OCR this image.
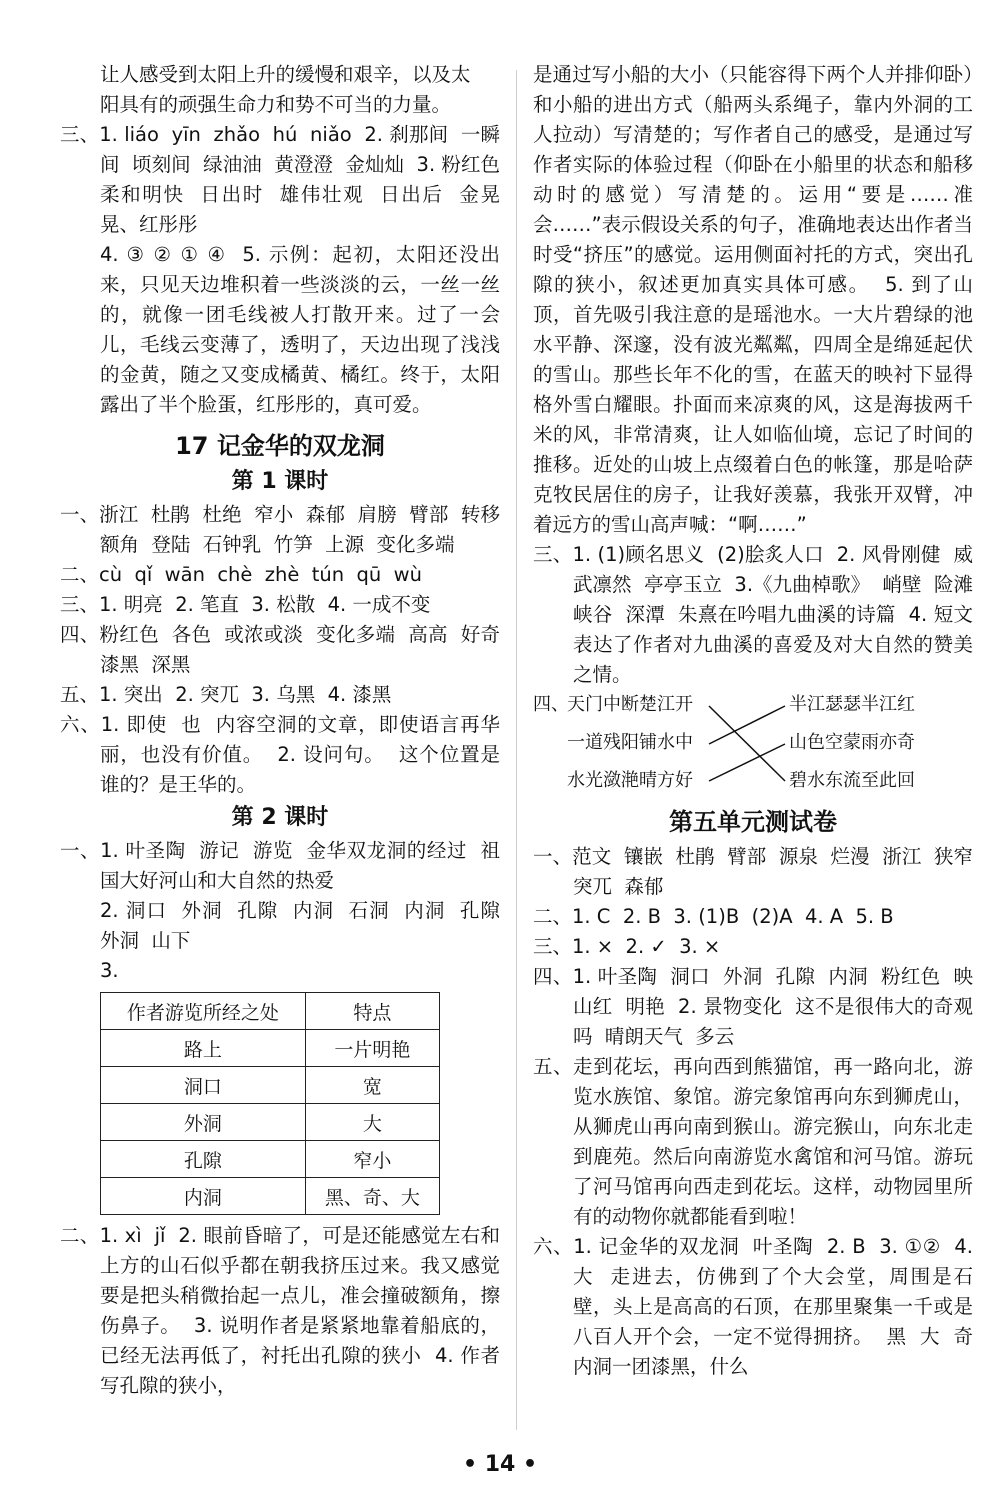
让人感受到太阳上升的缓慢和艰辛，以及太

阳具有的顽强生命力和势不可当的力量。

三、1. liáo  yīn  zhǎo  hú  niǎo  2. 刹那间  一瞬间  顷刻间  绿油油  黄澄澄  金灿灿  3. 粉红色  柔和明快  日出时  雄伟壮观  日出后  金晃晃、红彤彤

4. ③ ② ① ④  5. 示例：起初，太阳还没出来，只见天边堆积着一些淡淡的云，一丝一丝的，就像一团毛线被人打散开来。过了一会儿，毛线云变薄了，透明了，天边出现了浅浅的金黄，随之又变成橘黄、橘红。终于，太阳露出了半个脸蛋，红彤彤的，真可爱。

17 记金华的双龙洞
第 1 课时

一、浙江  杜鹃  杜绝  窄小  森郁  肩膀  臂部  转移  额角  登陆  石钟乳  竹笋  上源  变化多端

二、cù  qǐ  wān  chè  zhè  tún  qū  wù

三、1. 明亮  2. 笔直  3. 松散  4. 一成不变

四、粉红色  各色  或浓或淡  变化多端  高高  好奇  漆黑  深黑

五、1. 突出  2. 突兀  3. 乌黑  4. 漆黑

六、1. 即使  也  内容空洞的文章，即使语言再华丽，也没有价值。  2. 设问句。  这个位置是谁的？是王华的。

第 2 课时

一、1. 叶圣陶  游记  游览  金华双龙洞的经过  祖国大好河山和大自然的热爱

2. 洞口  外洞  孔隙  内洞  石洞  内洞  孔隙  外洞  山下

3.

作者游览所经之处	特点
路上	一片明艳
洞口	宽
外洞	大
孔隙	窄小
内洞	黑、奇、大

二、1. xì  jǐ  2. 眼前昏暗了，可是还能感觉左右和上方的山石似乎都在朝我挤压过来。我又感觉要是把头稍微抬起一点儿，准会撞破额角，擦伤鼻子。  3. 说明作者是紧紧地靠着船底的，已经无法再低了，衬托出孔隙的狭小  4. 作者写孔隙的狭小，

是通过写小船的大小（只能容得下两个人并排仰卧）和小船的进出方式（船两头系绳子，靠内外洞的工人拉动）写清楚的；写作者自己的感受，是通过写作者实际的体验过程（仰卧在小船里的状态和船移动时的感觉）写清楚的。运用“要是……准会……”表示假设关系的句子，准确地表达出作者当时受“挤压”的感觉。运用侧面衬托的方式，突出孔隙的狭小，叙述更加真实具体可感。  5. 到了山顶，首先吸引我注意的是瑶池水。一大片碧绿的池水平静、深邃，没有波光粼粼，四周全是绵延起伏的雪山。那些长年不化的雪，在蓝天的映衬下显得格外雪白耀眼。扑面而来凉爽的风，这是海拔两千米的风，非常清爽，让人如临仙境，忘记了时间的推移。近处的山坡上点缀着白色的帐篷，那是哈萨克牧民居住的房子，让我好羡慕，我张开双臂，冲着远方的雪山高声喊：“啊……”

三、1. (1)顾名思义  (2)脍炙人口  2. 风骨刚健  威武凛然  亭亭玉立  3.《九曲棹歌》  峭壁  险滩  峡谷  深潭  朱熹在吟唱九曲溪的诗篇  4. 短文表达了作者对九曲溪的喜爱及对大自然的赞美之情。

四、
天门中断楚江开
一道残阳铺水中
水光潋滟晴方好
半江瑟瑟半江红
山色空蒙雨亦奇
碧水东流至此回
第五单元测试卷

一、范文  镶嵌  杜鹃  臂部  源泉  烂漫  浙江  狭窄  突兀  森郁

二、1. C  2. B  3. (1)B  (2)A  4. A  5. B

三、1. ×  2. ✓  3. ×

四、1. 叶圣陶  洞口  外洞  孔隙  内洞  粉红色  映山红  明艳  2. 景物变化  这不是很伟大的奇观吗  晴朗天气  多云

五、走到花坛，再向西到熊猫馆，再一路向北，游览水族馆、象馆。游完象馆再向东到狮虎山，从狮虎山再向南到猴山。游完猴山，向东北走到鹿苑。然后向南游览水禽馆和河马馆。游玩了河马馆再向西走到花坛。这样，动物园里所有的动物你就都能看到啦！

六、1. 记金华的双龙洞  叶圣陶  2. B  3. ①②  4. 大  走进去，仿佛到了个大会堂，周围是石壁，头上是高高的石顶，在那里聚集一千或是八百人开个会，一定不觉得拥挤。  黑  大  奇  内洞一团漆黑，什么

• 14 •
